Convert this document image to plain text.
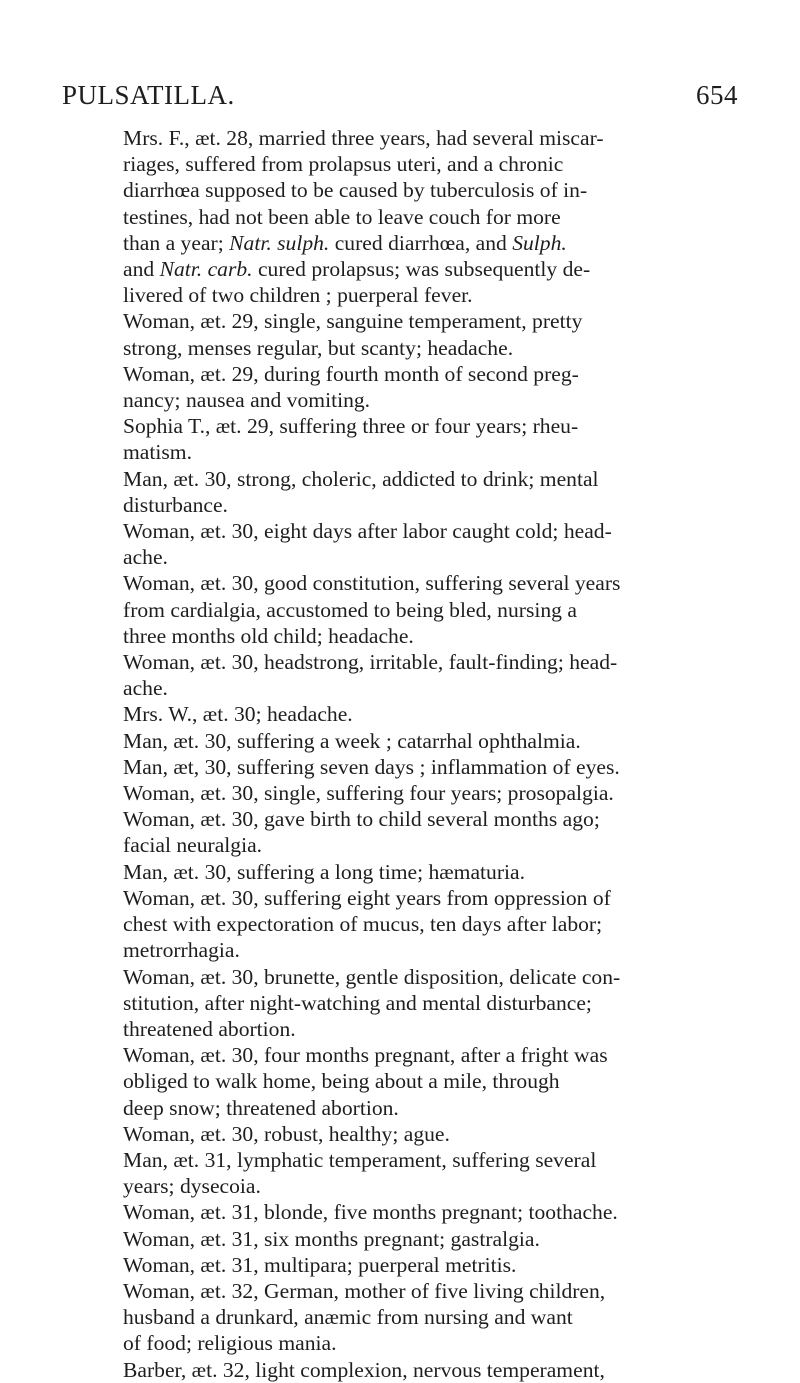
PULSATILLA.	654
Mrs. F., æt. 28, married three years, had several miscar-
riages, suffered from prolapsus uteri, and a chronic
diarrhœa supposed to be caused by tuberculosis of in-
testines, had not been able to leave couch for more
than a year; Natr. sulph. cured diarrhœa, and Sulph.
and Natr. carb. cured prolapsus; was subsequently de-
livered of two children ; puerperal fever.
Woman, æt. 29, single, sanguine temperament, pretty
strong, menses regular, but scanty; headache.
Woman, æt. 29, during fourth month of second preg-
nancy; nausea and vomiting.
Sophia T., æt. 29, suffering three or four years; rheu-
matism.
Man, æt. 30, strong, choleric, addicted to drink; mental
disturbance.
Woman, æt. 30, eight days after labor caught cold; head-
ache.
Woman, æt. 30, good constitution, suffering several years
from cardialgia, accustomed to being bled, nursing a
three months old child; headache.
Woman, æt. 30, headstrong, irritable, fault-finding; head-
ache.
Mrs. W., æt. 30; headache.
Man, æt. 30, suffering a week ; catarrhal ophthalmia.
Man, æt, 30, suffering seven days ; inflammation of eyes.
Woman, æt. 30, single, suffering four years; prosopalgia.
Woman, æt. 30, gave birth to child several months ago;
facial neuralgia.
Man, æt. 30, suffering a long time; hæmaturia.
Woman, æt. 30, suffering eight years from oppression of
chest with expectoration of mucus, ten days after labor;
metrorrhagia.
Woman, æt. 30, brunette, gentle disposition, delicate con-
stitution, after night-watching and mental disturbance;
threatened abortion.
Woman, æt. 30, four months pregnant, after a fright was
obliged to walk home, being about a mile, through
deep snow; threatened abortion.
Woman, æt. 30, robust, healthy; ague.
Man, æt. 31, lymphatic temperament, suffering several
years; dysecoia.
Woman, æt. 31, blonde, five months pregnant; toothache.
Woman, æt. 31, six months pregnant; gastralgia.
Woman, æt. 31, multipara; puerperal metritis.
Woman, æt. 32, German, mother of five living children,
husband a drunkard, anæmic from nursing and want
of food; religious mania.
Barber, æt. 32, light complexion, nervous temperament,
